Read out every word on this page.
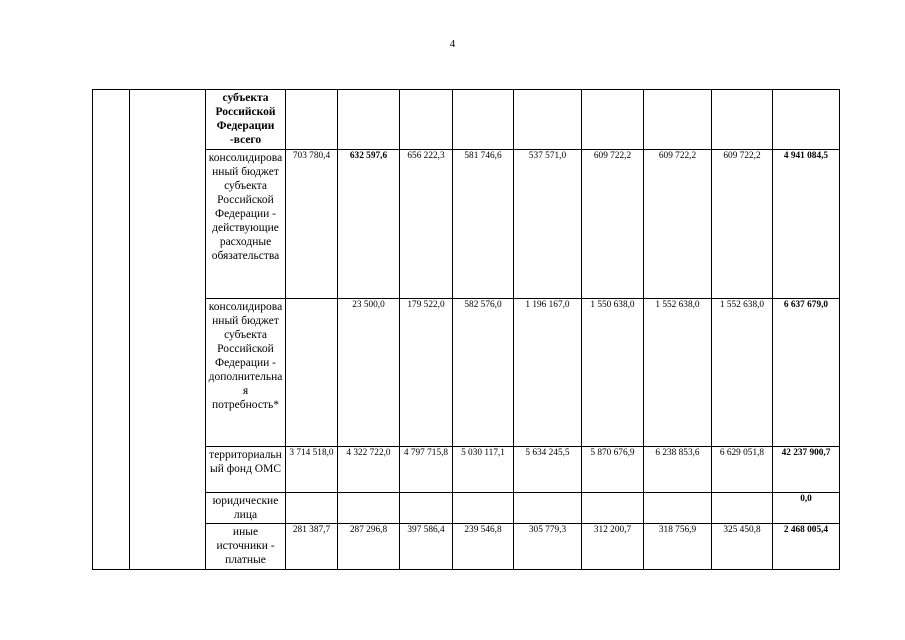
4
		субъекта Российской Федерации -всего									
		консолидированный бюджет субъекта Российской Федерации - действующие расходные обязательства	703 780,4	632 597,6	656 222,3	581 746,6	537 571,0	609 722,2	609 722,2	609 722,2	4 941 084,5
		консолидированный бюджет субъекта Российской Федерации - дополнительная потребность*		23 500,0	179 522,0	582 576,0	1 196 167,0	1 550 638,0	1 552 638,0	1 552 638,0	6 637 679,0
		территориальный фонд ОМС	3 714 518,0	4 322 722,0	4 797 715,8	5 030 117,1	5 634 245,5	5 870 676,9	6 238 853,6	6 629 051,8	42 237 900,7
		юридические лица									0,0
		иные источники - платные	281 387,7	287 296,8	397 586,4	239 546,8	305 779,3	312 200,7	318 756,9	325 450,8	2 468 005,4
